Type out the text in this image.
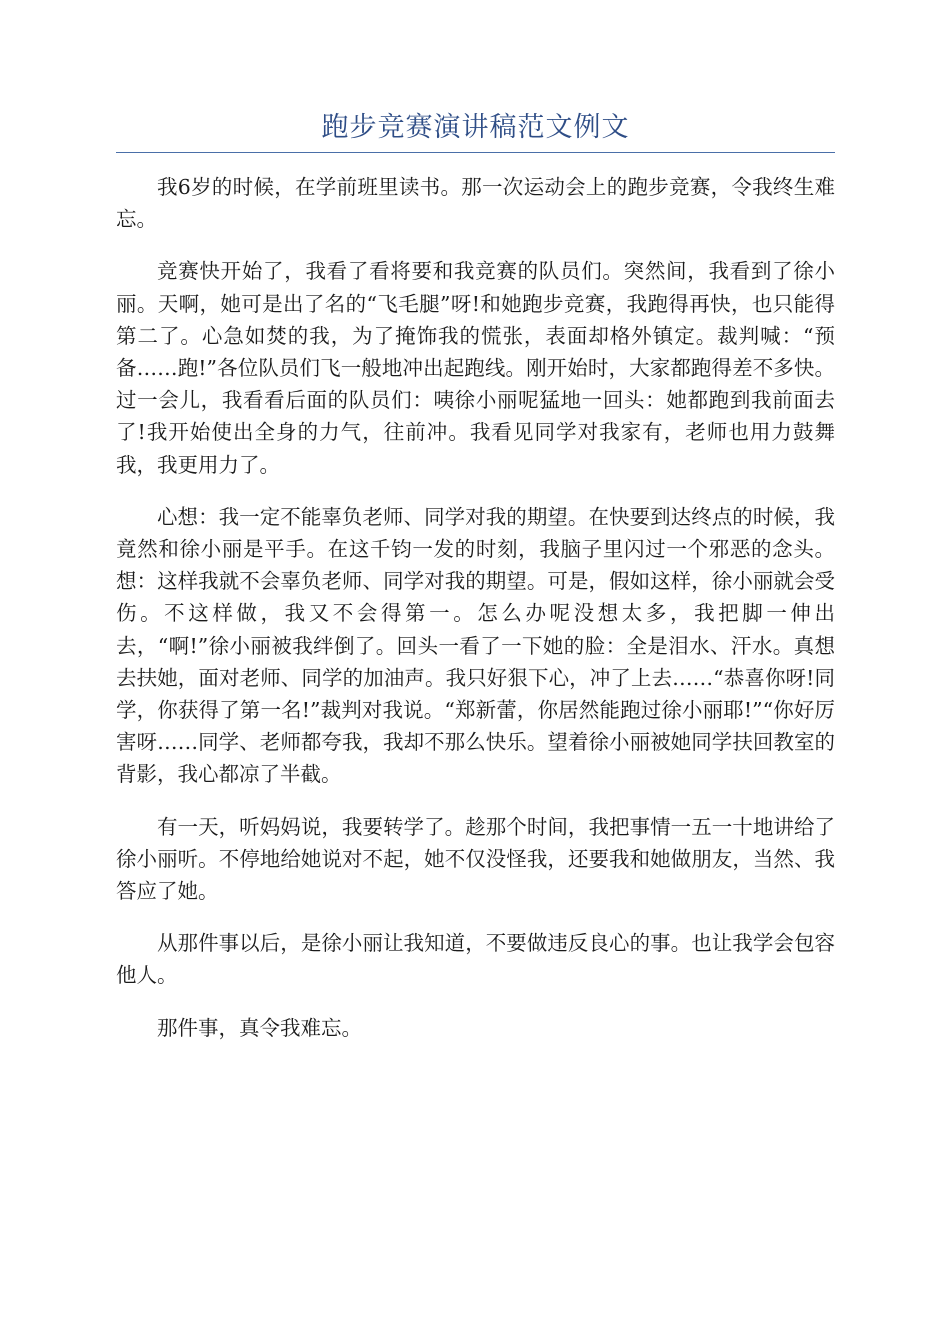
跑步竞赛演讲稿范文例文

我6岁的时候，在学前班里读书。那一次运动会上的跑步竞赛，令我终生难忘。

竞赛快开始了，我看了看将要和我竞赛的队员们。突然间，我看到了徐小丽。天啊，她可是出了名的“飞毛腿”呀!和她跑步竞赛，我跑得再快，也只能得第二了。心急如焚的我，为了掩饰我的慌张，表面却格外镇定。裁判喊：“预备……跑!”各位队员们飞一般地冲出起跑线。刚开始时，大家都跑得差不多快。过一会儿，我看看后面的队员们：咦徐小丽呢猛地一回头：她都跑到我前面去了!我开始使出全身的力气，往前冲。我看见同学对我家有，老师也用力鼓舞我，我更用力了。

心想：我一定不能辜负老师、同学对我的期望。在快要到达终点的时候，我竟然和徐小丽是平手。在这千钧一发的时刻，我脑子里闪过一个邪恶的念头。想：这样我就不会辜负老师、同学对我的期望。可是，假如这样，徐小丽就会受伤。不这样做，我又不会得第一。怎么办呢没想太多，我把脚一伸出去，“啊!”徐小丽被我绊倒了。回头一看了一下她的脸：全是泪水、汗水。真想去扶她，面对老师、同学的加油声。我只好狠下心，冲了上去……“恭喜你呀!同学，你获得了第一名!”裁判对我说。“郑新蕾，你居然能跑过徐小丽耶!”“你好厉害呀……同学、老师都夸我，我却不那么快乐。望着徐小丽被她同学扶回教室的背影，我心都凉了半截。

有一天，听妈妈说，我要转学了。趁那个时间，我把事情一五一十地讲给了徐小丽听。不停地给她说对不起，她不仅没怪我，还要我和她做朋友，当然、我答应了她。

从那件事以后，是徐小丽让我知道，不要做违反良心的事。也让我学会包容他人。

那件事，真令我难忘。
